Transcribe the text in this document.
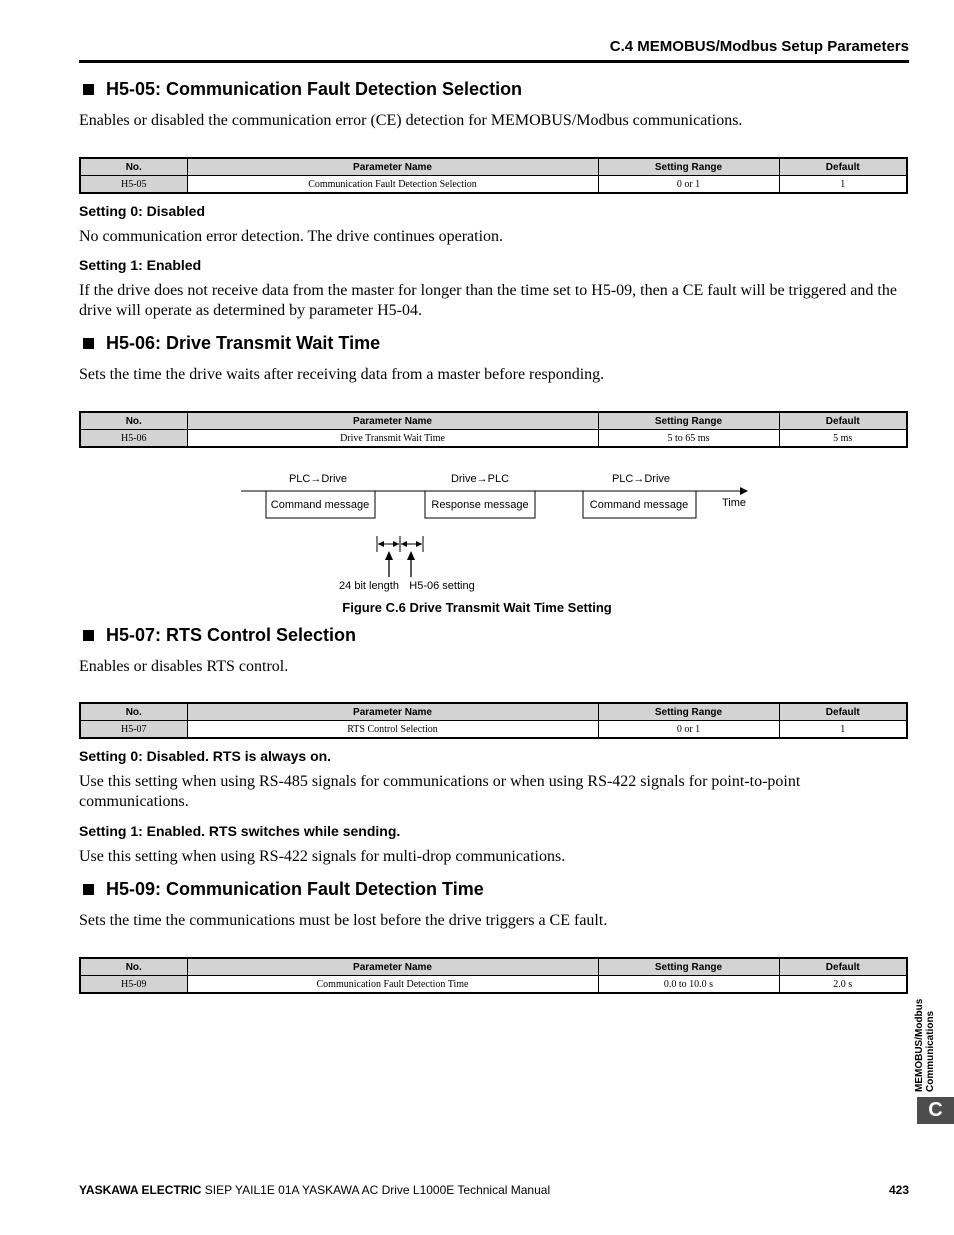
C.4 MEMOBUS/Modbus Setup Parameters
H5-05: Communication Fault Detection Selection
Enables or disabled the communication error (CE) detection for MEMOBUS/Modbus communications.
No.	Parameter Name	Setting Range	Default
H5-05	Communication Fault Detection Selection	0 or 1	1
Setting 0: Disabled
No communication error detection. The drive continues operation.
Setting 1: Enabled
If the drive does not receive data from the master for longer than the time set to H5-09, then a CE fault will be triggered and the drive will operate as determined by parameter H5-04.
H5-06: Drive Transmit Wait Time
Sets the time the drive waits after receiving data from a master before responding.
No.	Parameter Name	Setting Range	Default
H5-06	Drive Transmit Wait Time	5 to 65 ms	5 ms
PLC→Drive	Drive→PLC	PLC→Drive
Command message	Response message	Command message	Time
24 bit length H5-06 setting
Figure C.6 Drive Transmit Wait Time Setting
H5-07: RTS Control Selection
Enables or disables RTS control.
No.	Parameter Name	Setting Range	Default
H5-07	RTS Control Selection	0 or 1	1
Setting 0: Disabled. RTS is always on.
Use this setting when using RS-485 signals for communications or when using RS-422 signals for point-to-point communications.
Setting 1: Enabled. RTS switches while sending.
Use this setting when using RS-422 signals for multi-drop communications.
H5-09: Communication Fault Detection Time
Sets the time the communications must be lost before the drive triggers a CE fault.
No.	Parameter Name	Setting Range	Default
H5-09	Communication Fault Detection Time	0.0 to 10.0 s	2.0 s
MEMOBUS/Modbus Communications
C
YASKAWA ELECTRIC SIEP YAIL1E 01A YASKAWA AC Drive L1000E Technical Manual	423
